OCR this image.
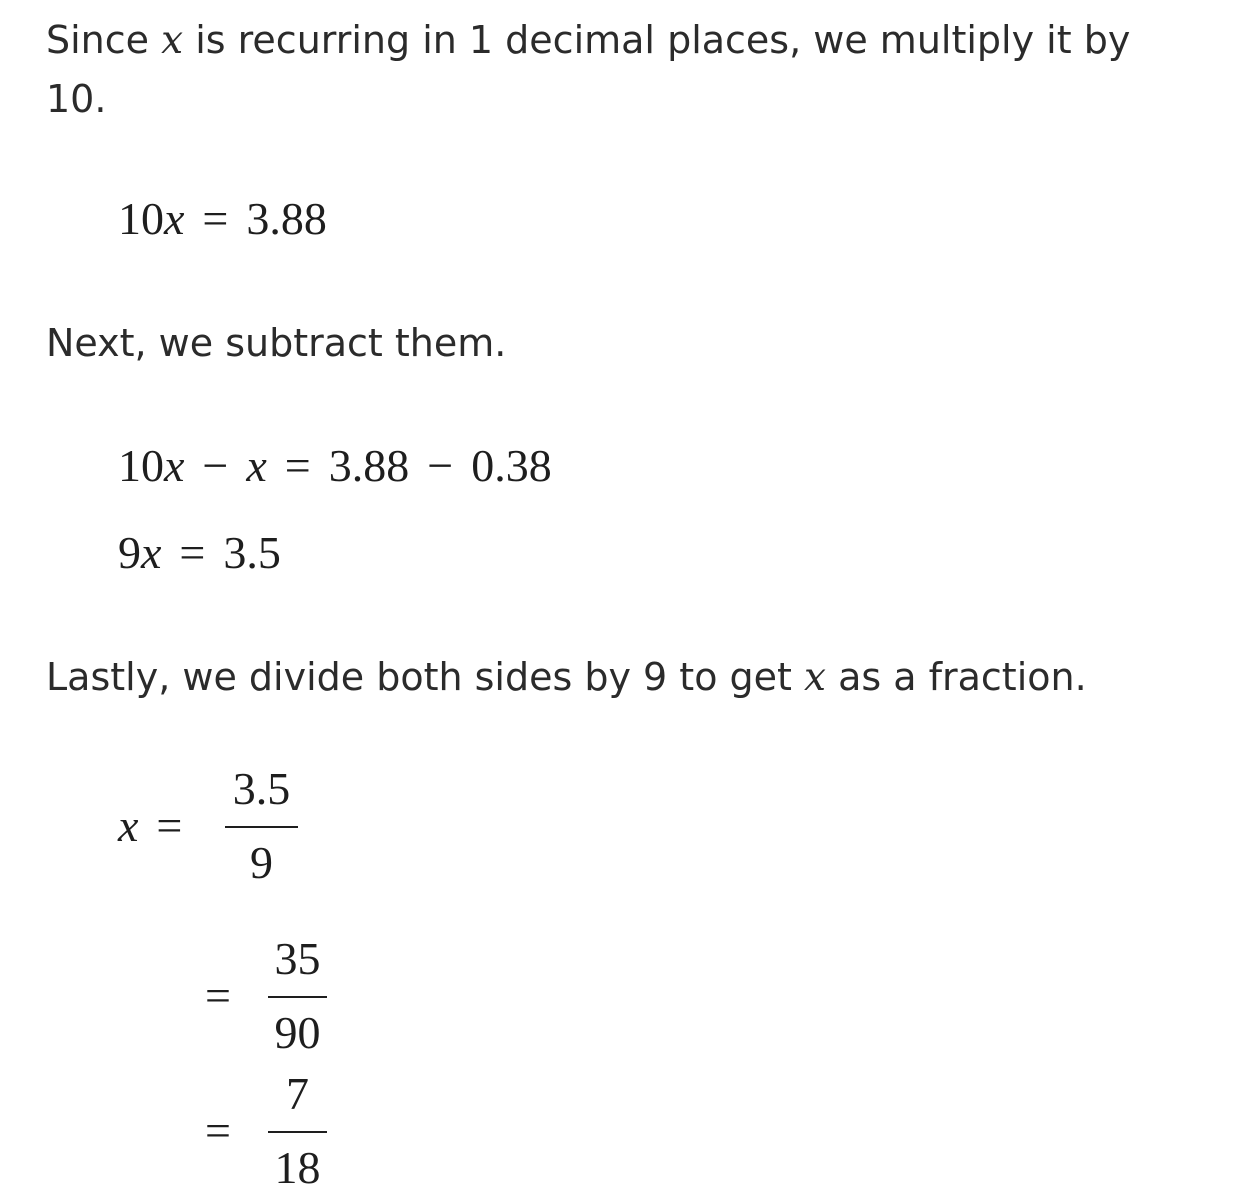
Since x is recurring in 1 decimal places, we multiply it by
10.
10x = 3.88
Next, we subtract them.
10x − x = 3.88 − 0.38
9x = 3.5
Lastly, we divide both sides by 9 to get x as a fraction.
x =
3.5
9
=
35
90
=
7
18
